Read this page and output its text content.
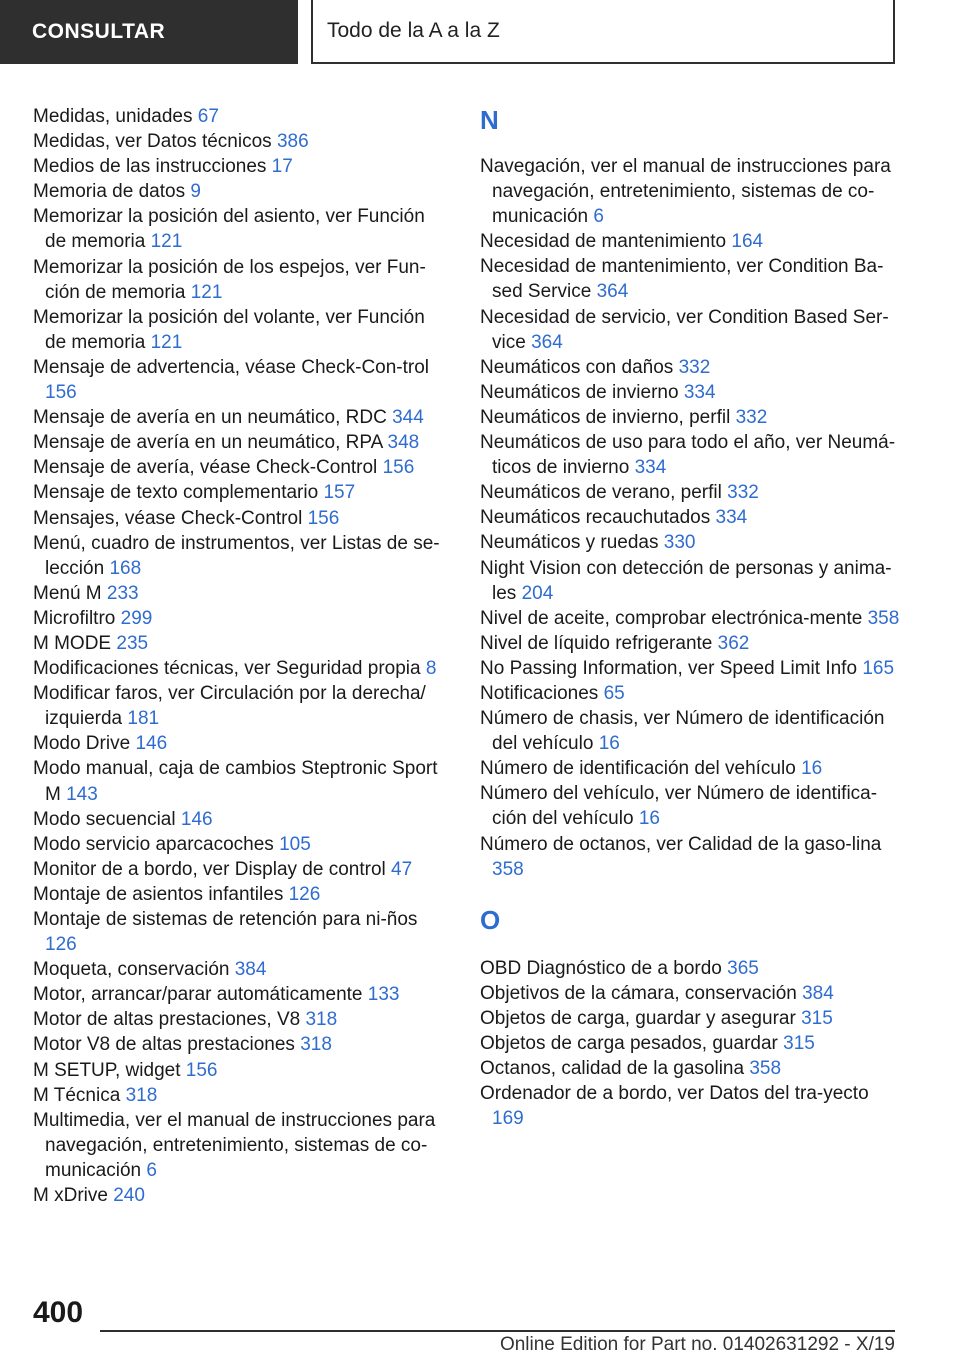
CONSULTAR	Todo de la A a la Z
Medidas, unidades 67
Medidas, ver Datos técnicos 386
Medios de las instrucciones 17
Memoria de datos 9
Memorizar la posición del asiento, ver Función de memoria 121
Memorizar la posición de los espejos, ver Fun‐ción de memoria 121
Memorizar la posición del volante, ver Función de memoria 121
Mensaje de advertencia, véase Check-Con‐trol 156
Mensaje de avería en un neumático, RDC 344
Mensaje de avería en un neumático, RPA 348
Mensaje de avería, véase Check-Control 156
Mensaje de texto complementario 157
Mensajes, véase Check-Control 156
Menú, cuadro de instrumentos, ver Listas de se‐lección 168
Menú M 233
Microfiltro 299
M MODE 235
Modificaciones técnicas, ver Seguridad propia 8
Modificar faros, ver Circulación por la derecha/ izquierda 181
Modo Drive 146
Modo manual, caja de cambios Steptronic Sport M 143
Modo secuencial 146
Modo servicio aparcacoches 105
Monitor de a bordo, ver Display de control 47
Montaje de asientos infantiles 126
Montaje de sistemas de retención para ni‐ños 126
Moqueta, conservación 384
Motor, arrancar/parar automáticamente 133
Motor de altas prestaciones, V8 318
Motor V8 de altas prestaciones 318
M SETUP, widget 156
M Técnica 318
Multimedia, ver el manual de instrucciones para navegación, entretenimiento, sistemas de co‐municación 6
M xDrive 240
N
Navegación, ver el manual de instrucciones para navegación, entretenimiento, sistemas de co‐municación 6
Necesidad de mantenimiento 164
Necesidad de mantenimiento, ver Condition Ba‐sed Service 364
Necesidad de servicio, ver Condition Based Ser‐vice 364
Neumáticos con daños 332
Neumáticos de invierno 334
Neumáticos de invierno, perfil 332
Neumáticos de uso para todo el año, ver Neumá‐ticos de invierno 334
Neumáticos de verano, perfil 332
Neumáticos recauchutados 334
Neumáticos y ruedas 330
Night Vision con detección de personas y anima‐les 204
Nivel de aceite, comprobar electrónica‐mente 358
Nivel de líquido refrigerante 362
No Passing Information, ver Speed Limit Info 165
Notificaciones 65
Número de chasis, ver Número de identificación del vehículo 16
Número de identificación del vehículo 16
Número del vehículo, ver Número de identifica‐ción del vehículo 16
Número de octanos, ver Calidad de la gaso‐lina 358
O
OBD Diagnóstico de a bordo 365
Objetivos de la cámara, conservación 384
Objetos de carga, guardar y asegurar 315
Objetos de carga pesados, guardar 315
Octanos, calidad de la gasolina 358
Ordenador de a bordo, ver Datos del tra‐yecto 169
400
Online Edition for Part no. 01402631292 - X/19
